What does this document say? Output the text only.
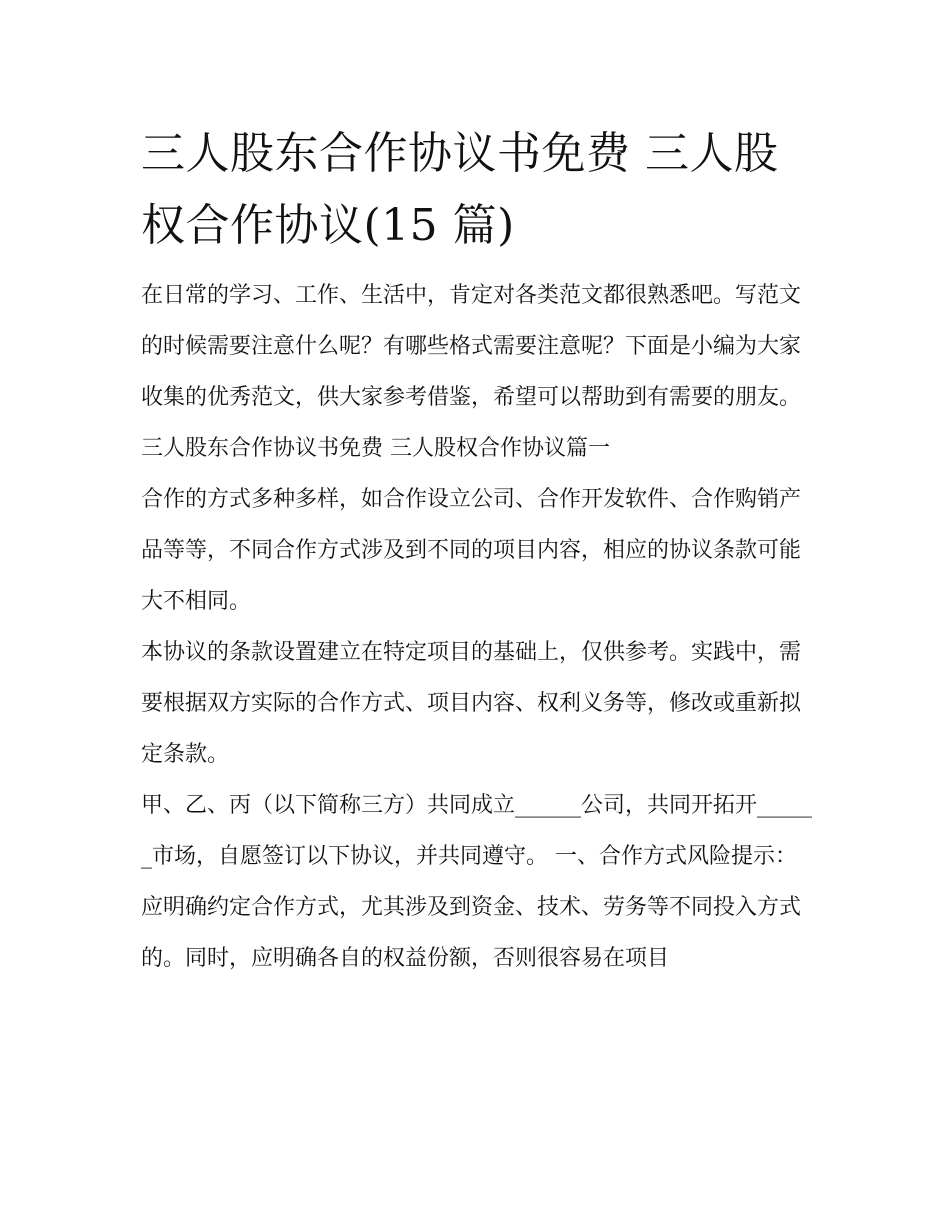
三人股东合作协议书免费 三人股权合作协议(15 篇)

在日常的学习、工作、生活中，肯定对各类范文都很熟悉吧。写范文的时候需要注意什么呢？有哪些格式需要注意呢？下面是小编为大家收集的优秀范文，供大家参考借鉴，希望可以帮助到有需要的朋友。

三人股东合作协议书免费 三人股权合作协议篇一

合作的方式多种多样，如合作设立公司、合作开发软件、合作购销产品等等，不同合作方式涉及到不同的项目内容，相应的协议条款可能大不相同。

本协议的条款设置建立在特定项目的基础上，仅供参考。实践中，需要根据双方实际的合作方式、项目内容、权利义务等，修改或重新拟定条款。

甲、乙、丙（以下简称三方）共同成立______公司，共同开拓开______市场，自愿签订以下协议，并共同遵守。 一、合作方式风险提示：

应明确约定合作方式，尤其涉及到资金、技术、劳务等不同投入方式的。同时，应明确各自的权益份额，否则很容易在项目
